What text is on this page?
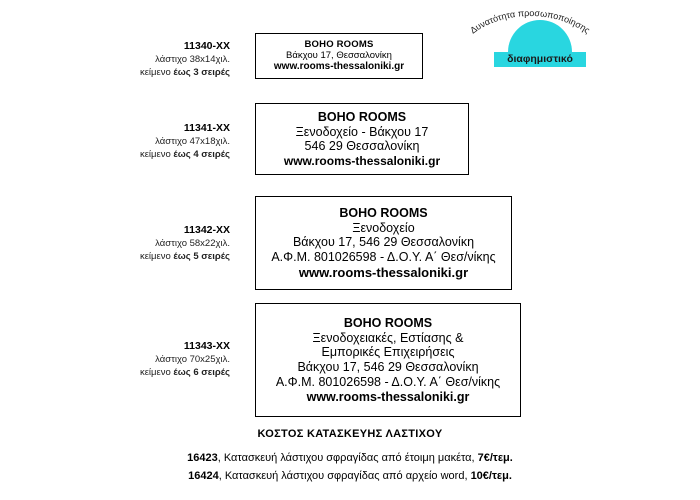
Δυνατότητα προσωποποίησης
διαφημιστικό
11340-XX
λάστιχο 38x14χιλ.
κείμενο έως 3 σειρές
BOHO ROOMS
Βάκχου 17, Θεσσαλονίκη
www.rooms-thessaloniki.gr
11341-XX
λάστιχο 47x18χιλ.
κείμενο έως 4 σειρές
BOHO ROOMS
Ξενοδοχείο - Βάκχου 17
546 29 Θεσσαλονίκη
www.rooms-thessaloniki.gr
11342-XX
λάστιχο 58x22χιλ.
κείμενο έως 5 σειρές
BOHO ROOMS
Ξενοδοχείο
Βάκχου 17, 546 29 Θεσσαλονίκη
Α.Φ.Μ. 801026598 - Δ.Ο.Υ. Α΄ Θεσ/νίκης
www.rooms-thessaloniki.gr
11343-XX
λάστιχο 70x25χιλ.
κείμενο έως 6 σειρές
BOHO ROOMS
Ξενοδοχειακές, Εστίασης &
Εμπορικές Επιχειρήσεις
Βάκχου 17, 546 29 Θεσσαλονίκη
Α.Φ.Μ. 801026598 - Δ.Ο.Υ. Α΄ Θεσ/νίκης
www.rooms-thessaloniki.gr
ΚΟΣΤΟΣ ΚΑΤΑΣΚΕΥΗΣ ΛΑΣΤΙΧΟΥ
16423, Κατασκευή λάστιχου σφραγίδας από έτοιμη μακέτα, 7€/τεμ.
16424, Κατασκευή λάστιχου σφραγίδας από αρχείο word, 10€/τεμ.
